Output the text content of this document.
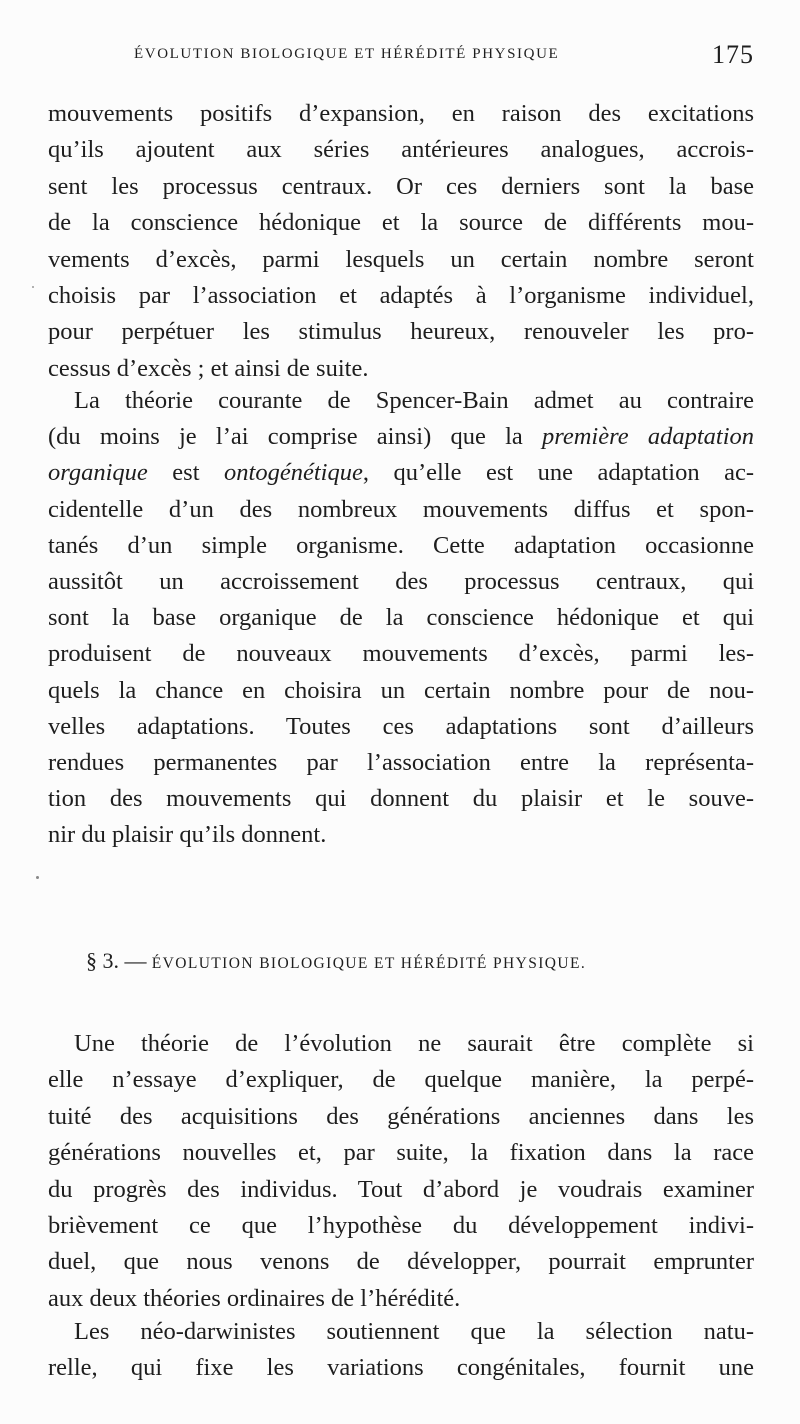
ÉVOLUTION BIOLOGIQUE ET HÉRÉDITÉ PHYSIQUE	175
mouvements positifs d’expansion, en raison des excitations
qu’ils ajoutent aux séries antérieures analogues, accrois-
sent les processus centraux. Or ces derniers sont la base
de la conscience hédonique et la source de différents mou-
vements d’excès, parmi lesquels un certain nombre seront
choisis par l’association et adaptés à l’organisme individuel,
pour perpétuer les stimulus heureux, renouveler les pro-
cessus d’excès ; et ainsi de suite.
La théorie courante de Spencer-Bain admet au contraire
(du moins je l’ai comprise ainsi) que la première adaptation
organique est ontogénétique, qu’elle est une adaptation ac-
cidentelle d’un des nombreux mouvements diffus et spon-
tanés d’un simple organisme. Cette adaptation occasionne
aussitôt un accroissement des processus centraux, qui
sont la base organique de la conscience hédonique et qui
produisent de nouveaux mouvements d’excès, parmi les-
quels la chance en choisira un certain nombre pour de nou-
velles adaptations. Toutes ces adaptations sont d’ailleurs
rendues permanentes par l’association entre la représenta-
tion des mouvements qui donnent du plaisir et le souve-
nir du plaisir qu’ils donnent.
§ 3. — ÉVOLUTION BIOLOGIQUE ET HÉRÉDITÉ PHYSIQUE.
Une théorie de l’évolution ne saurait être complète si
elle n’essaye d’expliquer, de quelque manière, la perpé-
tuité des acquisitions des générations anciennes dans les
générations nouvelles et, par suite, la fixation dans la race
du progrès des individus. Tout d’abord je voudrais examiner
brièvement ce que l’hypothèse du développement indivi-
duel, que nous venons de développer, pourrait emprunter
aux deux théories ordinaires de l’hérédité.
Les néo-darwinistes soutiennent que la sélection natu-
relle, qui fixe les variations congénitales, fournit une
